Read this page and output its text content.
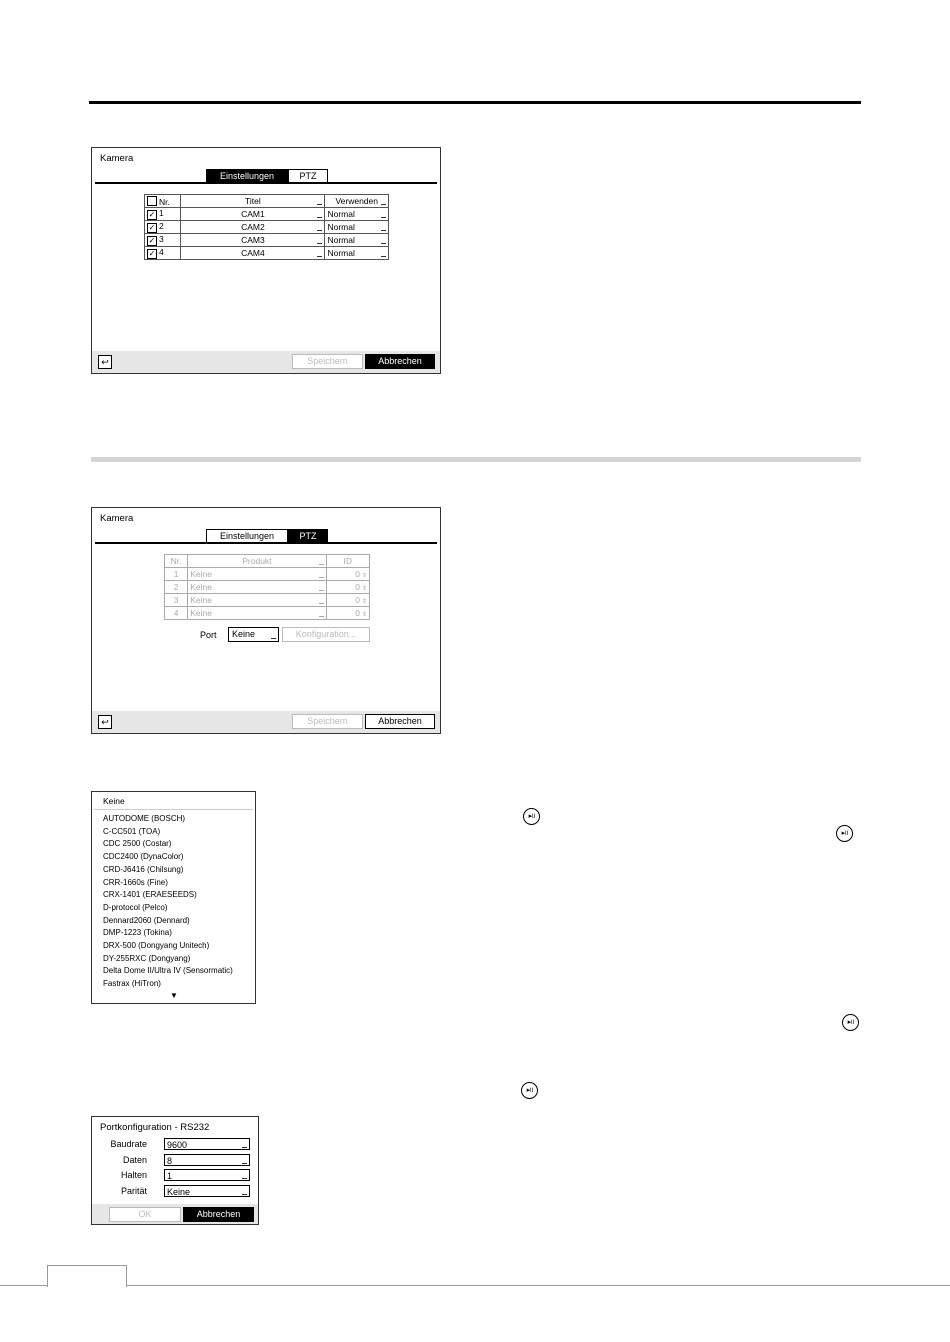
Kamera
Einstellungen	PTZ
Nr.	Titel	Verwenden
✓ 1	CAM1	Normal
✓ 2	CAM2	Normal
✓ 3	CAM3	Normal
✓ 4	CAM4	Normal
↩	Speichern	Abbrechen
Kamera
Einstellungen	PTZ
Nr.	Produkt	ID
1	Keine	0 ⇕
2	Keine	0 ⇕
3	Keine	0 ⇕
4	Keine	0 ⇕
Port	Keine	Konfiguration...
↩	Speichern	Abbrechen
Keine
AUTODOME (BOSCH)
C-CC501 (TOA)
CDC 2500 (Costar)
CDC2400 (DynaColor)
CRD-J6416 (Chilsung)
CRR-1660s (Fine)
CRX-1401 (ERAESEEDS)
D-protocol (Pelco)
Dennard2060 (Dennard)
DMP-1223 (Tokina)
DRX-500 (Dongyang Unitech)
DY-255RXC (Dongyang)
Delta Dome II/Ultra IV (Sensormatic)
Fastrax (HiTron)
▼
▸॥
▸॥
▸॥
▸॥
Portkonfiguration - RS232
Baudrate	9600
Daten	8
Halten	1
Parität	Keine
OK	Abbrechen
